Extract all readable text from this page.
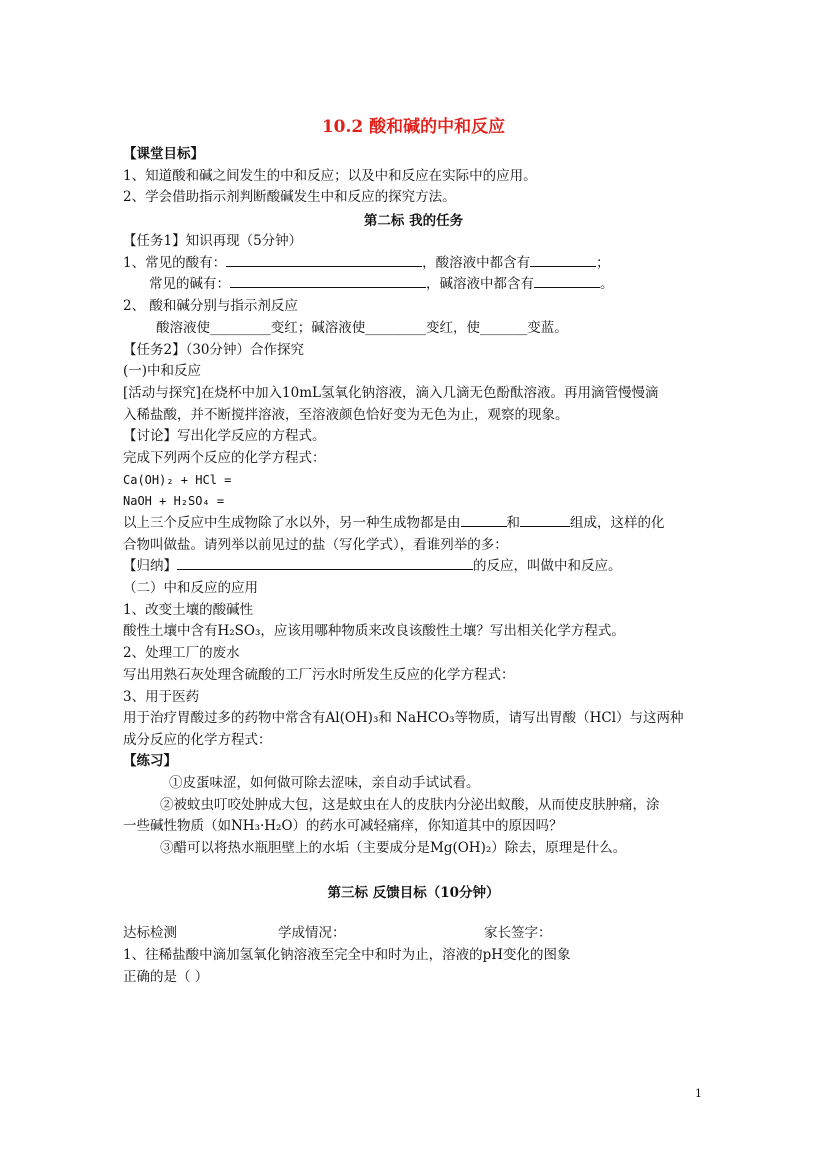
10.2 酸和碱的中和反应
【课堂目标】
1、知道酸和碱之间发生的中和反应；以及中和反应在实际中的应用。
2、学会借助指示剂判断酸碱发生中和反应的探究方法。
第二标 我的任务
【任务1】知识再现（5分钟）
1、常见的酸有：	，酸溶液中都含有	；
常见的碱有：	，碱溶液中都含有	。
2、 酸和碱分别与指示剂反应
酸溶液使_________变红；碱溶液使_________变红，使_______变蓝。
【任务2】（30分钟）合作探究
(一)中和反应
[活动与探究]在烧杯中加入10mL氢氧化钠溶液，滴入几滴无色酚酞溶液。再用滴管慢慢滴
入稀盐酸，并不断搅拌溶液，至溶液颜色恰好变为无色为止，观察的现象。
【讨论】写出化学反应的方程式。
完成下列两个反应的化学方程式：
Ca(OH)₂ + HCl =
NaOH + H₂SO₄ =
以上三个反应中生成物除了水以外，另一种生成物都是由	和	组成，这样的化
合物叫做盐。请列举以前见过的盐（写化学式），看谁列举的多：
【归纳】	的反应，叫做中和反应。
（二）中和反应的应用
1、改变土壤的酸碱性
酸性土壤中含有H₂SO₃，应该用哪种物质来改良该酸性土壤？写出相关化学方程式。
2、处理工厂的废水
写出用熟石灰处理含硫酸的工厂污水时所发生反应的化学方程式：
3、用于医药
用于治疗胃酸过多的药物中常含有Al(OH)₃和 NaHCO₃等物质，请写出胃酸（HCl）与这两种
成分反应的化学方程式：
【练习】
①皮蛋味涩，如何做可除去涩味，亲自动手试试看。
②被蚊虫叮咬处肿成大包，这是蚊虫在人的皮肤内分泌出蚁酸，从而使皮肤肿痛，涂
一些碱性物质（如NH₃·H₂O）的药水可减轻痛痒，你知道其中的原因吗？
③醋可以将热水瓶胆壁上的水垢（主要成分是Mg(OH)₂）除去，原理是什么。
第三标 反馈目标（10分钟）
达标检测	学成情况：	家长签字：
1、往稀盐酸中滴加氢氧化钠溶液至完全中和时为止，溶液的pH变化的图象
正确的是（ ）
1
